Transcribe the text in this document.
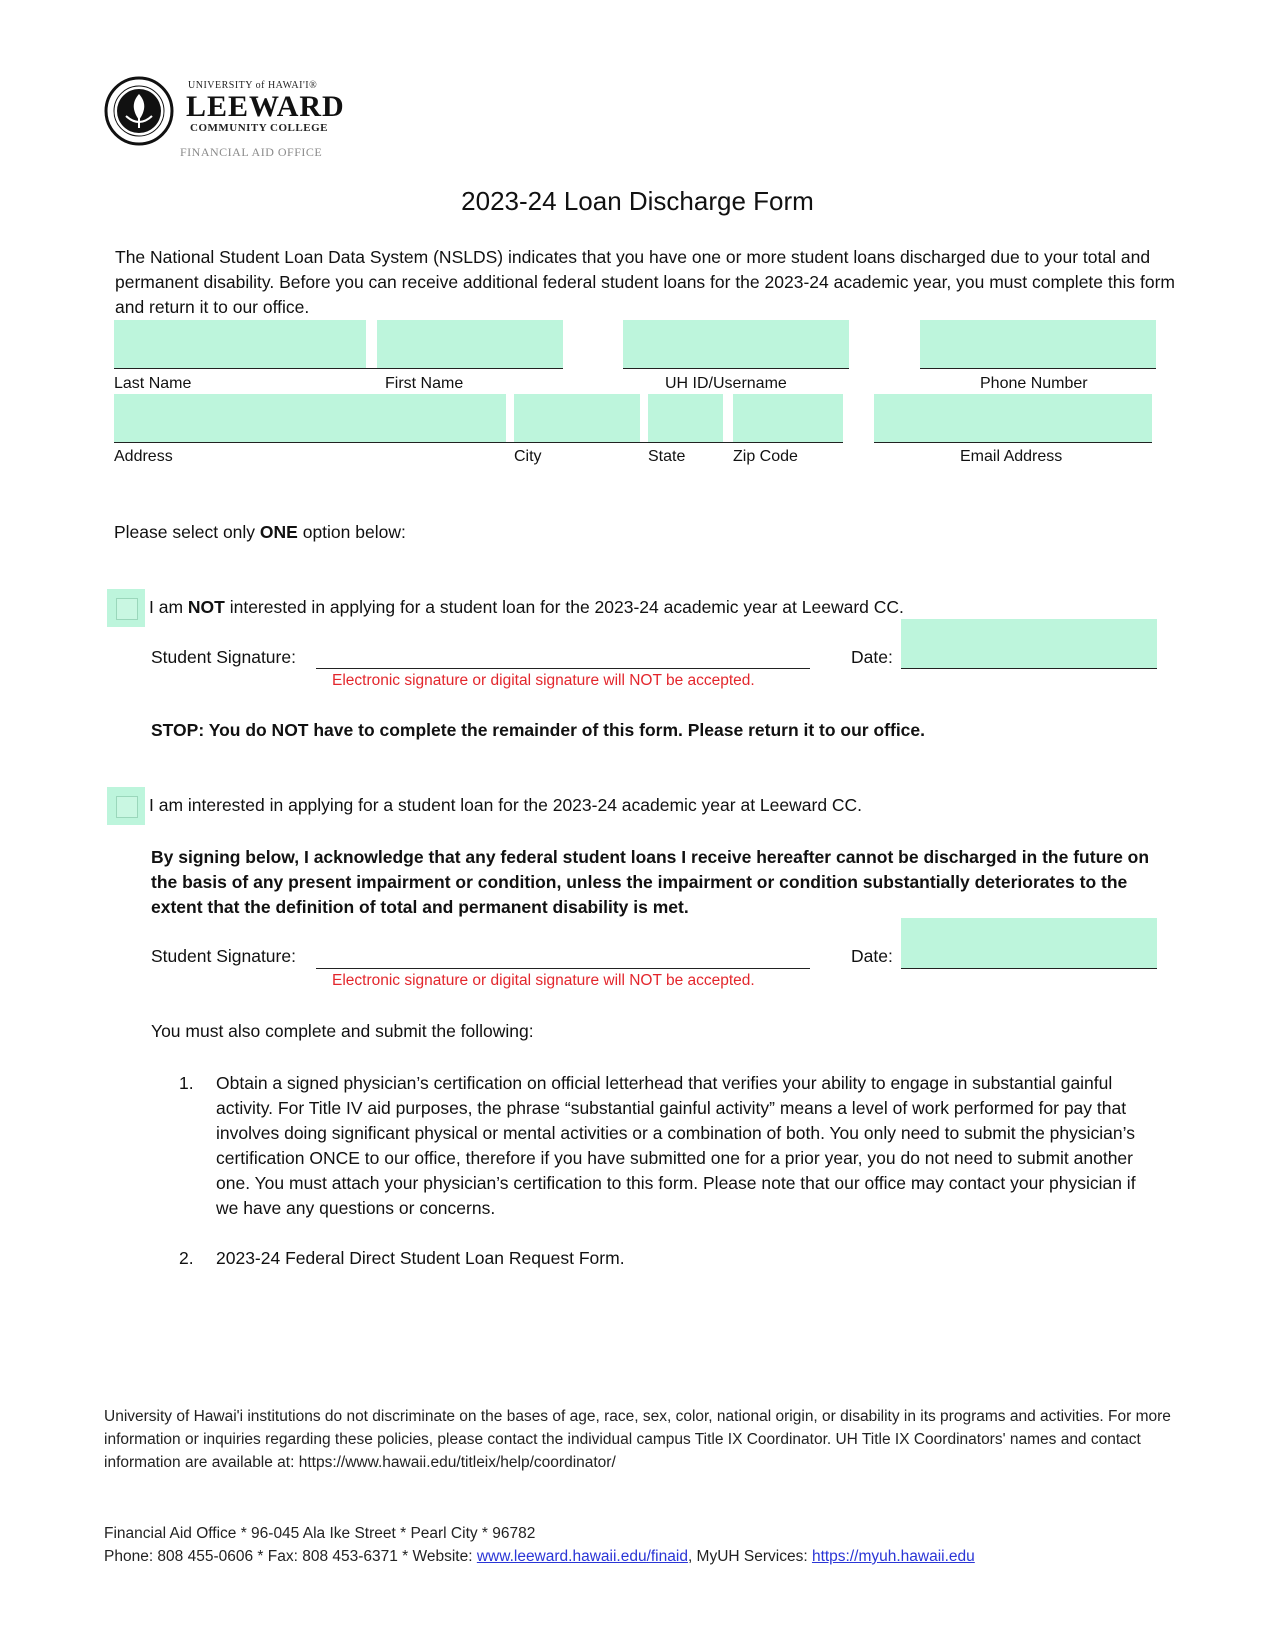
UNIVERSITY of HAWAI'I®
LEEWARD
COMMUNITY COLLEGE
FINANCIAL AID OFFICE
2023-24 Loan Discharge Form
The National Student Loan Data System (NSLDS) indicates that you have one or more student loans discharged due to your total and permanent disability. Before you can receive additional federal student loans for the 2023-24 academic year, you must complete this form and return it to our office.
Last Name	First Name	UH ID/Username	Phone Number
Address	City	State	Zip Code	Email Address
Please select only ONE option below:
I am NOT interested in applying for a student loan for the 2023-24 academic year at Leeward CC.
Student Signature:	Date:
Electronic signature or digital signature will NOT be accepted.
STOP: You do NOT have to complete the remainder of this form. Please return it to our office.
I am interested in applying for a student loan for the 2023-24 academic year at Leeward CC.
By signing below, I acknowledge that any federal student loans I receive hereafter cannot be discharged in the future on the basis of any present impairment or condition, unless the impairment or condition substantially deteriorates to the extent that the definition of total and permanent disability is met.
Student Signature:	Date:
Electronic signature or digital signature will NOT be accepted.
You must also complete and submit the following:
1. Obtain a signed physician’s certification on official letterhead that verifies your ability to engage in substantial gainful activity. For Title IV aid purposes, the phrase “substantial gainful activity” means a level of work performed for pay that involves doing significant physical or mental activities or a combination of both. You only need to submit the physician’s certification ONCE to our office, therefore if you have submitted one for a prior year, you do not need to submit another one. You must attach your physician’s certification to this form. Please note that our office may contact your physician if we have any questions or concerns.
2. 2023-24 Federal Direct Student Loan Request Form.
University of Hawai'i institutions do not discriminate on the bases of age, race, sex, color, national origin, or disability in its programs and activities. For more information or inquiries regarding these policies, please contact the individual campus Title IX Coordinator. UH Title IX Coordinators' names and contact information are available at: https://www.hawaii.edu/titleix/help/coordinator/
Financial Aid Office * 96-045 Ala Ike Street * Pearl City * 96782
Phone: 808 455-0606 * Fax: 808 453-6371 * Website: www.leeward.hawaii.edu/finaid, MyUH Services: https://myuh.hawaii.edu
